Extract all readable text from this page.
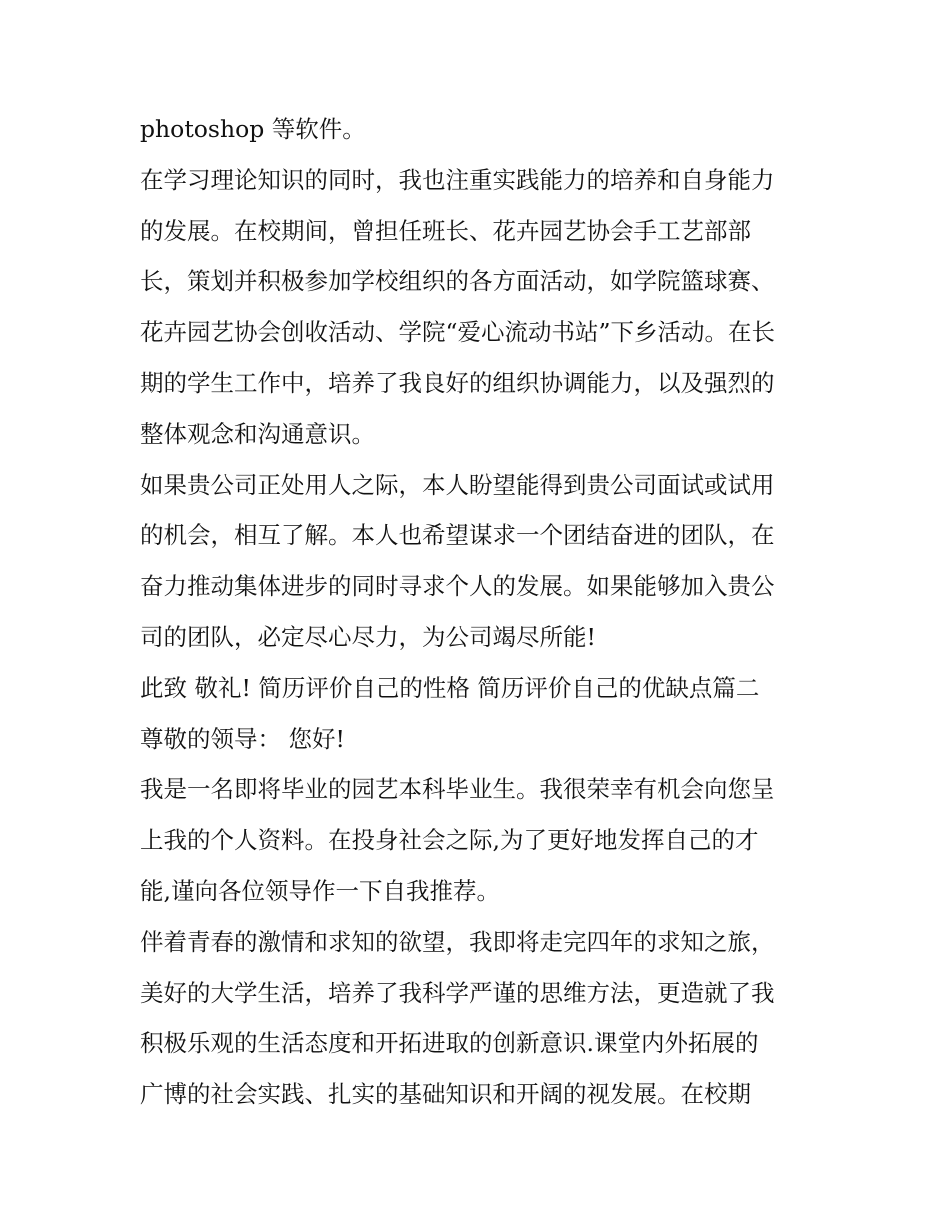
photoshop 等软件。
在学习理论知识的同时，我也注重实践能力的培养和自身能力
的发展。在校期间，曾担任班长、花卉园艺协会手工艺部部
长，策划并积极参加学校组织的各方面活动，如学院篮球赛、
花卉园艺协会创收活动、学院“爱心流动书站”下乡活动。在长
期的学生工作中，培养了我良好的组织协调能力，以及强烈的
整体观念和沟通意识。
如果贵公司正处用人之际，本人盼望能得到贵公司面试或试用
的机会，相互了解。本人也希望谋求一个团结奋进的团队，在
奋力推动集体进步的同时寻求个人的发展。如果能够加入贵公
司的团队，必定尽心尽力，为公司竭尽所能!
此致 敬礼! 简历评价自己的性格 简历评价自己的优缺点篇二
尊敬的领导： 您好!
我是一名即将毕业的园艺本科毕业生。我很荣幸有机会向您呈
上我的个人资料。在投身社会之际,为了更好地发挥自己的才
能,谨向各位领导作一下自我推荐。
伴着青春的激情和求知的欲望，我即将走完四年的求知之旅，
美好的大学生活，培养了我科学严谨的思维方法，更造就了我
积极乐观的生活态度和开拓进取的创新意识.课堂内外拓展的
广博的社会实践、扎实的基础知识和开阔的视发展。在校期
